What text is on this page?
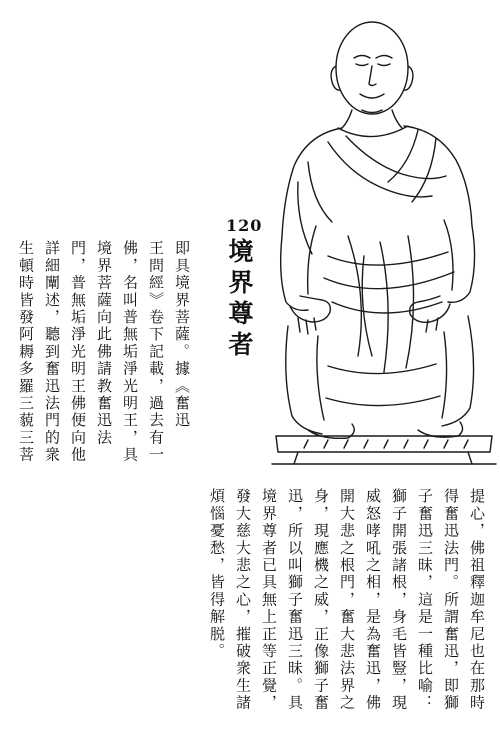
120
境界尊者
即具境界菩薩。據《奮迅
王問經》卷下記載，過去有一
佛，名叫普無垢淨光明王，具
境界菩薩向此佛請教奮迅法
門，普無垢淨光明王佛便向他
詳細闡述，聽到奮迅法門的衆
生頓時皆發阿耨多羅三藐三菩
提心，佛祖釋迦牟尼也在那時
得奮迅法門。所謂奮迅，即獅
子奮迅三昧，這是一種比喻：
獅子開張諸根，身毛皆豎，現
威怒哮吼之相，是為奮迅，佛
開大悲之根門，奮大悲法界之
身，現應機之威，正像獅子奮
迅，所以叫獅子奮迅三昧。具
境界尊者已具無上正等正覺，
發大慈大悲之心，摧破衆生諸
煩惱憂愁，皆得解脱。
